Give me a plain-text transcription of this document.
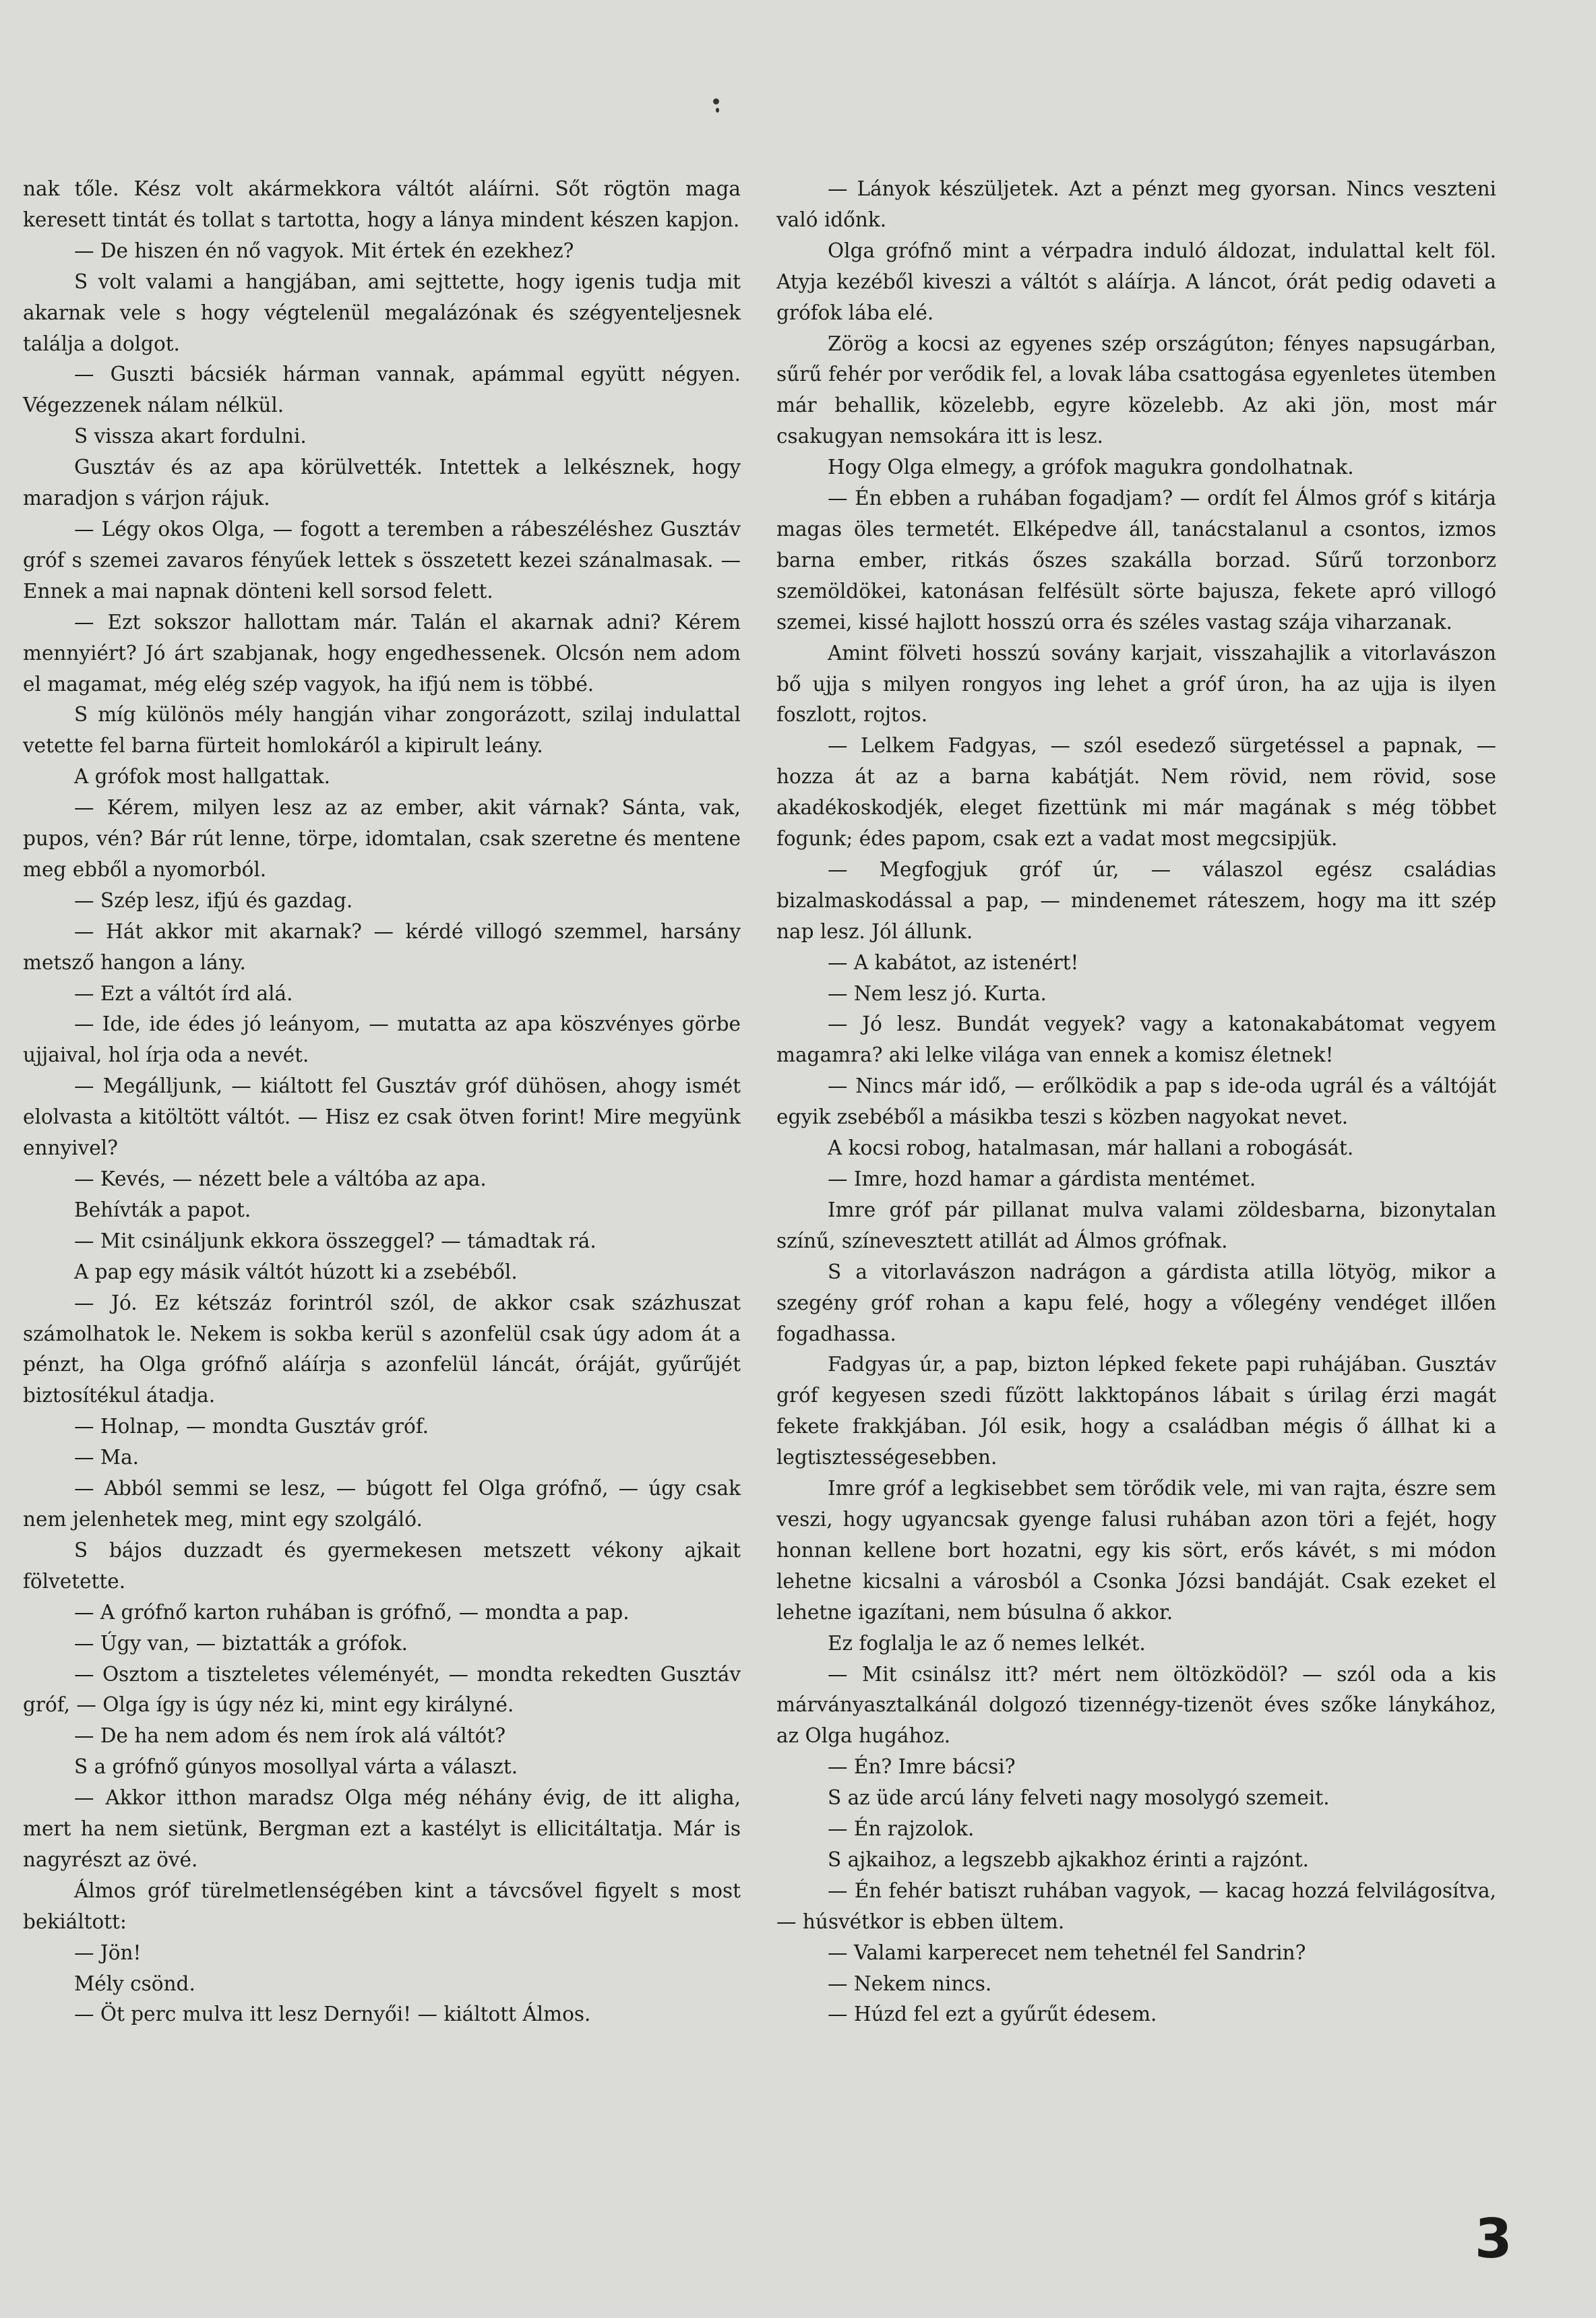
nak tőle. Kész volt akármekkora váltót aláírni. Sőt rögtön maga keresett tintát és tollat s tartotta, hogy a lánya mindent készen kapjon.

— De hiszen én nő vagyok. Mit értek én ezekhez?

S volt valami a hangjában, ami sejttette, hogy igenis tudja mit akarnak vele s hogy végtelenül megalázónak és szégyenteljesnek találja a dolgot.

— Guszti bácsiék hárman vannak, apámmal együtt négyen. Végezzenek nálam nélkül.

S vissza akart fordulni.

Gusztáv és az apa körülvették. Intettek a lelkésznek, hogy maradjon s várjon rájuk.

— Légy okos Olga, — fogott a teremben a rábeszéléshez Gusztáv gróf s szemei zavaros fényűek lettek s összetett kezei szánalmasak. — Ennek a mai napnak dönteni kell sorsod felett.

— Ezt sokszor hallottam már. Talán el akarnak adni? Kérem mennyiért? Jó árt szabjanak, hogy engedhessenek. Olcsón nem adom el magamat, még elég szép vagyok, ha ifjú nem is többé.

S míg különös mély hangján vihar zongorázott, szilaj indulattal vetette fel barna fürteit homlokáról a kipirult leány.

A grófok most hallgattak.

— Kérem, milyen lesz az az ember, akit várnak? Sánta, vak, pupos, vén? Bár rút lenne, törpe, idomtalan, csak szeretne és mentene meg ebből a nyomorból.

— Szép lesz, ifjú és gazdag.

— Hát akkor mit akarnak? — kérdé villogó szemmel, harsány metsző hangon a lány.

— Ezt a váltót írd alá.

— Ide, ide édes jó leányom, — mutatta az apa köszvényes görbe ujjaival, hol írja oda a nevét.

— Megálljunk, — kiáltott fel Gusztáv gróf dühösen, ahogy ismét elolvasta a kitöltött váltót. — Hisz ez csak ötven forint! Mire megyünk ennyivel?

— Kevés, — nézett bele a váltóba az apa.

Behívták a papot.

— Mit csináljunk ekkora összeggel? — támadtak rá.

A pap egy másik váltót húzott ki a zsebéből.

— Jó. Ez kétszáz forintról szól, de akkor csak százhuszat számolhatok le. Nekem is sokba kerül s azonfelül csak úgy adom át a pénzt, ha Olga grófnő aláírja s azonfelül láncát, óráját, gyűrűjét biztosítékul átadja.

— Holnap, — mondta Gusztáv gróf.

— Ma.

— Abból semmi se lesz, — búgott fel Olga grófnő, — úgy csak nem jelenhetek meg, mint egy szolgáló.

S bájos duzzadt és gyermekesen metszett vékony ajkait fölvetette.

— A grófnő karton ruhában is grófnő, — mondta a pap.

— Úgy van, — biztatták a grófok.

— Osztom a tiszteletes véleményét, — mondta rekedten Gusztáv gróf, — Olga így is úgy néz ki, mint egy királyné.

— De ha nem adom és nem írok alá váltót?

S a grófnő gúnyos mosollyal várta a választ.

— Akkor itthon maradsz Olga még néhány évig, de itt aligha, mert ha nem sietünk, Bergman ezt a kastélyt is ellicitáltatja. Már is nagyrészt az övé.

Álmos gróf türelmetlenségében kint a távcsővel figyelt s most bekiáltott:

— Jön!

Mély csönd.

— Öt perc mulva itt lesz Dernyői! — kiáltott Álmos.

— Lányok készüljetek. Azt a pénzt meg gyorsan. Nincs veszteni való időnk.

Olga grófnő mint a vérpadra induló áldozat, indulattal kelt föl. Atyja kezéből kiveszi a váltót s aláírja. A láncot, órát pedig odaveti a grófok lába elé.

Zörög a kocsi az egyenes szép országúton; fényes napsugárban, sűrű fehér por verődik fel, a lovak lába csattogása egyenletes ütemben már behallik, közelebb, egyre közelebb. Az aki jön, most már csakugyan nemsokára itt is lesz.

Hogy Olga elmegy, a grófok magukra gondolhatnak.

— Én ebben a ruhában fogadjam? — ordít fel Álmos gróf s kitárja magas öles termetét. Elképedve áll, tanácstalanul a csontos, izmos barna ember, ritkás őszes szakálla borzad. Sűrű torzonborz szemöldökei, katonásan felfésült sörte bajusza, fekete apró villogó szemei, kissé hajlott hosszú orra és széles vastag szája viharzanak.

Amint fölveti hosszú sovány karjait, visszahajlik a vitorlavászon bő ujja s milyen rongyos ing lehet a gróf úron, ha az ujja is ilyen foszlott, rojtos.

— Lelkem Fadgyas, — szól esedező sürgetéssel a papnak, — hozza át az a barna kabátját. Nem rövid, nem rövid, sose akadékoskodjék, eleget fizettünk mi már magának s még többet fogunk; édes papom, csak ezt a vadat most megcsipjük.

— Megfogjuk gróf úr, — válaszol egész családias bizalmaskodással a pap, — mindenemet ráteszem, hogy ma itt szép nap lesz. Jól állunk.

— A kabátot, az istenért!

— Nem lesz jó. Kurta.

— Jó lesz. Bundát vegyek? vagy a katonakabátomat vegyem magamra? aki lelke világa van ennek a komisz életnek!

— Nincs már idő, — erőlködik a pap s ide-oda ugrál és a váltóját egyik zsebéből a másikba teszi s közben nagyokat nevet.

A kocsi robog, hatalmasan, már hallani a robogását.

— Imre, hozd hamar a gárdista mentémet.

Imre gróf pár pillanat mulva valami zöldesbarna, bizonytalan színű, színevesztett atillát ad Álmos grófnak.

S a vitorlavászon nadrágon a gárdista atilla lötyög, mikor a szegény gróf rohan a kapu felé, hogy a vőlegény vendéget illően fogadhassa.

Fadgyas úr, a pap, bizton lépked fekete papi ruhájában. Gusztáv gróf kegyesen szedi fűzött lakktopános lábait s úrilag érzi magát fekete frakkjában. Jól esik, hogy a családban mégis ő állhat ki a legtisztességesebben.

Imre gróf a legkisebbet sem törődik vele, mi van rajta, észre sem veszi, hogy ugyancsak gyenge falusi ruhában azon töri a fejét, hogy honnan kellene bort hozatni, egy kis sört, erős kávét, s mi módon lehetne kicsalni a városból a Csonka Józsi bandáját. Csak ezeket el lehetne igazítani, nem búsulna ő akkor.

Ez foglalja le az ő nemes lelkét.

— Mit csinálsz itt? mért nem öltözködöl? — szól oda a kis márványasztalkánál dolgozó tizennégy-tizenöt éves szőke lánykához, az Olga hugához.

— Én? Imre bácsi?

S az üde arcú lány felveti nagy mosolygó szemeit.

— Én rajzolok.

S ajkaihoz, a legszebb ajkakhoz érinti a rajzónt.

— Én fehér batiszt ruhában vagyok, — kacag hozzá felvilágosítva, — húsvétkor is ebben ültem.

— Valami karperecet nem tehetnél fel Sandrin?

— Nekem nincs.

— Húzd fel ezt a gyűrűt édesem.

3
